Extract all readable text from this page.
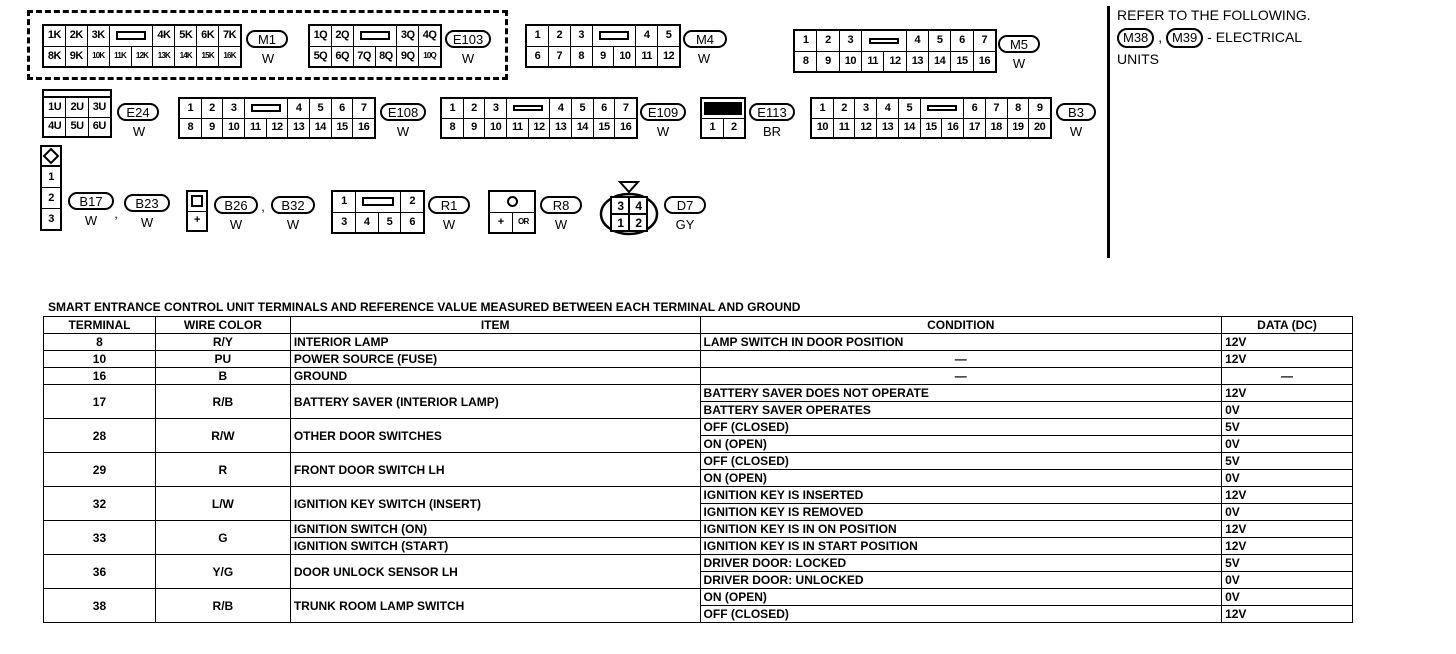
1K 2K 3K	4K 5K 6K 7K
8K 9K	10K	11K	12K	13K	14K	15K	16K
M1
W
1Q 2Q	3Q 4Q
5Q 6Q 7Q 8Q 9Q	10Q
E103
W
1	2	3	4	5
6	7	8	9	10 11 12
M4
W
1	2	3	4	5	6	7
8	9	10	11	12	13	14	15	16
M5
W
REFER TO THE FOLLOWING.
M38 , M39 - ELECTRICAL
UNITS
1U 2U 3U
4U 5U 6U
E24
W
1	2	3	4	5	6	7
8	9	10 11 12 13 14 15 16
E108
W
1	2	3	4	5	6	7
8	9	10 11 12 13 14 15 16
E109
W	1	2
E113
BR
1	2	3	4	5	6	7	8	9
10 11 12 13 14 15 16 17 18 19 20
B3
W
1
2
3
B17
W	,
B23
W	+
B26
W
,	B32
W
1	2
3	4	5	6
R1
W	+	OR
R8
W
3 4
1 2
D7
GY
SMART ENTRANCE CONTROL UNIT TERMINALS AND REFERENCE VALUE MEASURED BETWEEN EACH TERMINAL AND GROUND
TERMINAL	WIRE COLOR	ITEM	CONDITION	DATA (DC)
8	R/Y	INTERIOR LAMP	LAMP SWITCH IN DOOR POSITION	12V
10	PU	POWER SOURCE (FUSE)	—	12V
16	B	GROUND	—	—
17	R/B	BATTERY SAVER (INTERIOR LAMP)	BATTERY SAVER DOES NOT OPERATE	12V
			BATTERY SAVER OPERATES	0V
28	R/W	OTHER DOOR SWITCHES	OFF (CLOSED)	5V
			ON (OPEN)	0V
29	R	FRONT DOOR SWITCH LH	OFF (CLOSED)	5V
			ON (OPEN)	0V
32	L/W	IGNITION KEY SWITCH (INSERT)	IGNITION KEY IS INSERTED	12V
			IGNITION KEY IS REMOVED	0V
33	G	IGNITION SWITCH (ON)	IGNITION KEY IS IN ON POSITION	12V
		IGNITION SWITCH (START)	IGNITION KEY IS IN START POSITION	12V
36	Y/G	DOOR UNLOCK SENSOR LH	DRIVER DOOR: LOCKED	5V
			DRIVER DOOR: UNLOCKED	0V
38	R/B	TRUNK ROOM LAMP SWITCH	ON (OPEN)	0V
			OFF (CLOSED)	12V
